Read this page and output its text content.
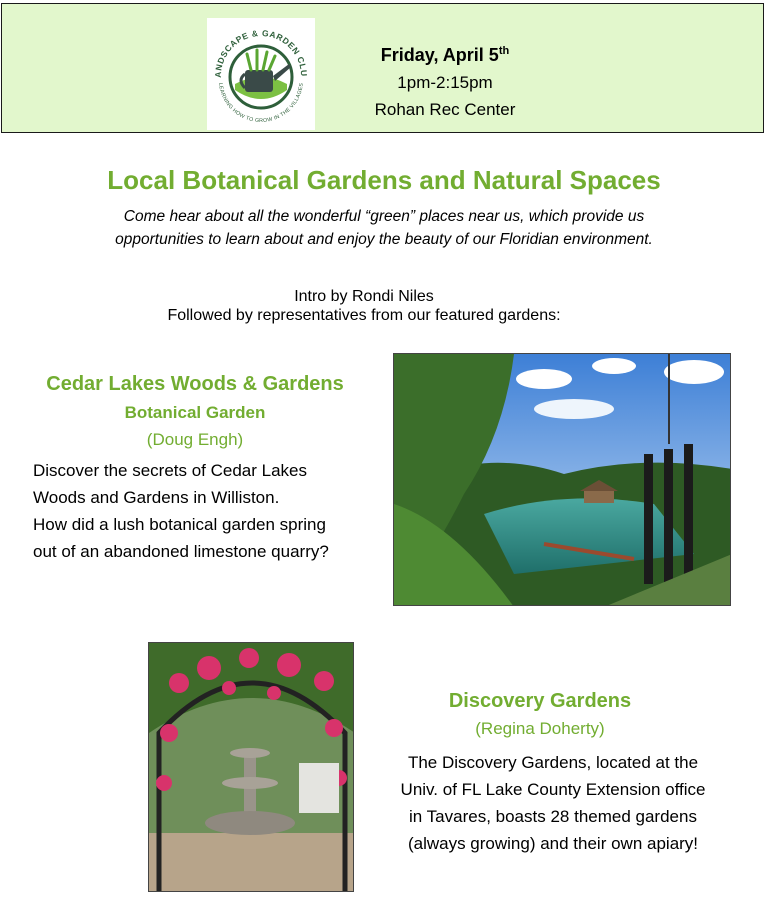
ANDSCAPE & GARDEN CLU
LEARNING HOW TO GROW IN THE VILLAGES
Friday, April 5th
1pm-2:15pm
Rohan Rec Center
Local Botanical Gardens and Natural Spaces
Come hear about all the wonderful “green” places near us, which provide us
opportunities to learn about and enjoy the beauty of our Floridian environment.
Intro by Rondi Niles
Followed by representatives from our featured gardens:
Cedar Lakes Woods & Gardens
Botanical Garden
(Doug Engh)
Discover the secrets of Cedar Lakes
Woods and Gardens in Williston.
How did a lush botanical garden spring
out of an abandoned limestone quarry?
Discovery Gardens
(Regina Doherty)
The Discovery Gardens, located at the
Univ. of FL Lake County Extension office
in Tavares, boasts 28 themed gardens
(always growing) and their own apiary!
